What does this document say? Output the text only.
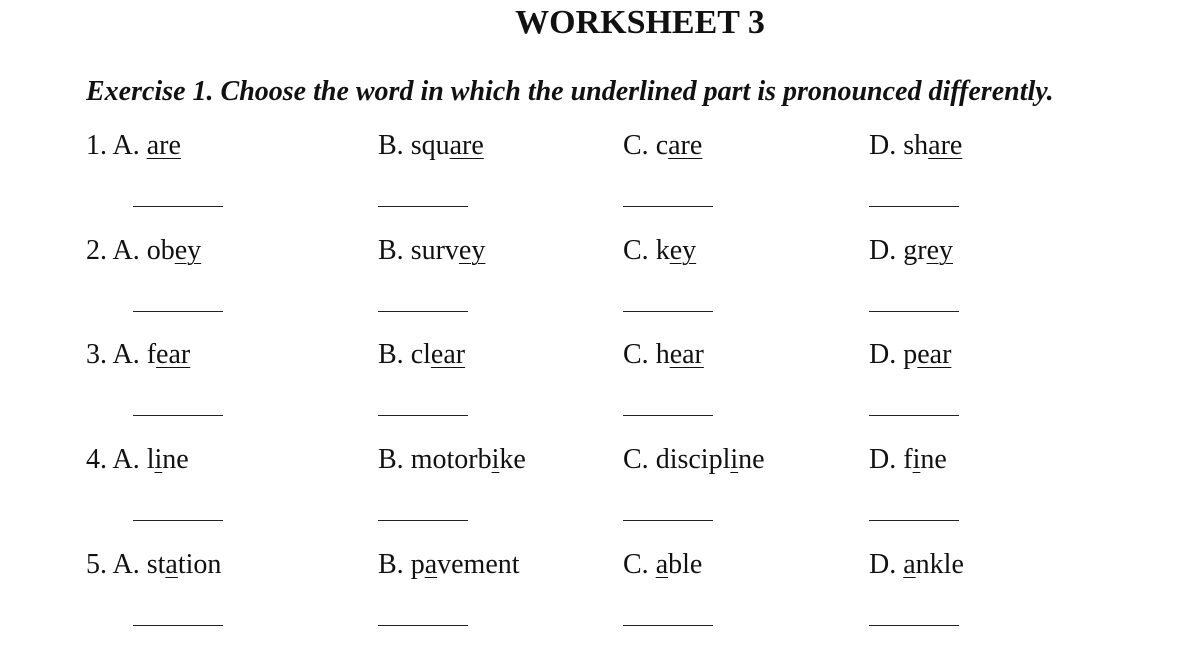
WORKSHEET 3
Exercise 1. Choose the word in which the underlined part is pronounced differently.
1. A. are	B. square	C. care	D. share
2. A. obey	B. survey	C. key	D. grey
3. A. fear	B. clear	C. hear	D. pear
4. A. line	B. motorbike	C. discipline	D. fine
5. A. station	B. pavement	C. able	D. ankle
